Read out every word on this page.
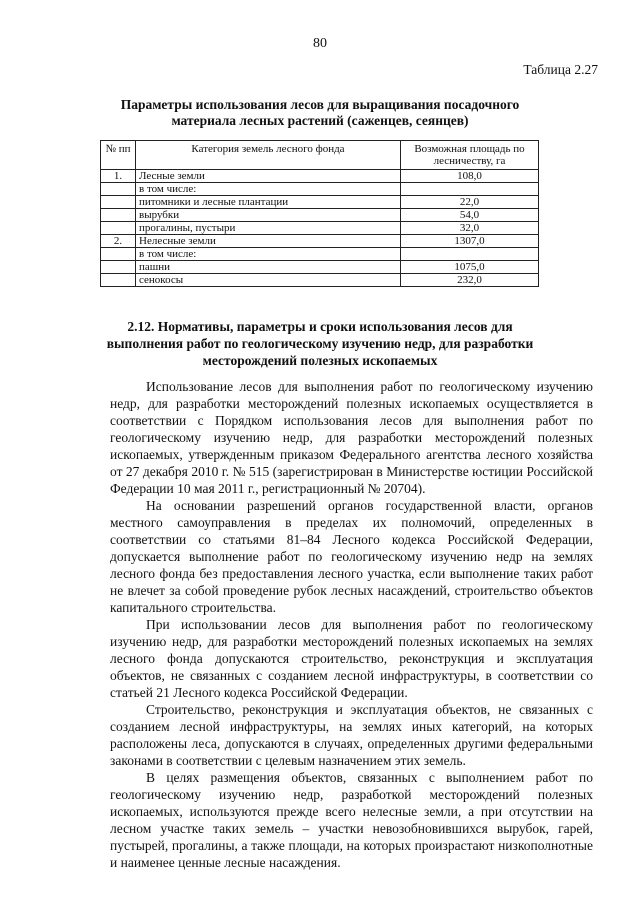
80
Таблица 2.27
Параметры использования лесов для выращивания посадочного материала лесных растений (саженцев, сеянцев)
№ пп	Категория земель лесного фонда	Возможная площадь по лесничеству, га
1.	Лесные земли	108,0
	в том числе:	
	питомники и лесные плантации	22,0
	вырубки	54,0
	прогалины, пустыри	32,0
2.	Нелесные земли	1307,0
	в том числе:	
	пашни	1075,0
	сенокосы	232,0
2.12. Нормативы, параметры и сроки использования лесов для выполнения работ по геологическому изучению недр, для разработки месторождений полезных ископаемых

Использование лесов для выполнения работ по геологическому изучению недр, для разработки месторождений полезных ископаемых осуществляется в соответствии с Порядком использования лесов для выполнения работ по геологическому изучению недр, для разработки месторождений полезных ископаемых, утвержденным приказом Федерального агентства лесного хозяйства от 27 декабря 2010 г. № 515 (зарегистрирован в Министерстве юстиции Российской Федерации 10 мая 2011 г., регистрационный № 20704).

На основании разрешений органов государственной власти, органов местного самоуправления в пределах их полномочий, определенных в соответствии со статьями 81–84 Лесного кодекса Российской Федерации, допускается выполнение работ по геологическому изучению недр на землях лесного фонда без предоставления лесного участка, если выполнение таких работ не влечет за собой проведение рубок лесных насаждений, строительство объектов капитального строительства.

При использовании лесов для выполнения работ по геологическому изучению недр, для разработки месторождений полезных ископаемых на землях лесного фонда допускаются строительство, реконструкция и эксплуатация объектов, не связанных с созданием лесной инфраструктуры, в соответствии со статьей 21 Лесного кодекса Российской Федерации.

Строительство, реконструкция и эксплуатация объектов, не связанных с созданием лесной инфраструктуры, на землях иных категорий, на которых расположены леса, допускаются в случаях, определенных другими федеральными законами в соответствии с целевым назначением этих земель.

В целях размещения объектов, связанных с выполнением работ по геологическому изучению недр, разработкой месторождений полезных ископаемых, используются прежде всего нелесные земли, а при отсутствии на лесном участке таких земель – участки невозобновившихся вырубок, гарей, пустырей, прогалины, а также площади, на которых произрастают низкополнотные и наименее ценные лесные насаждения.
